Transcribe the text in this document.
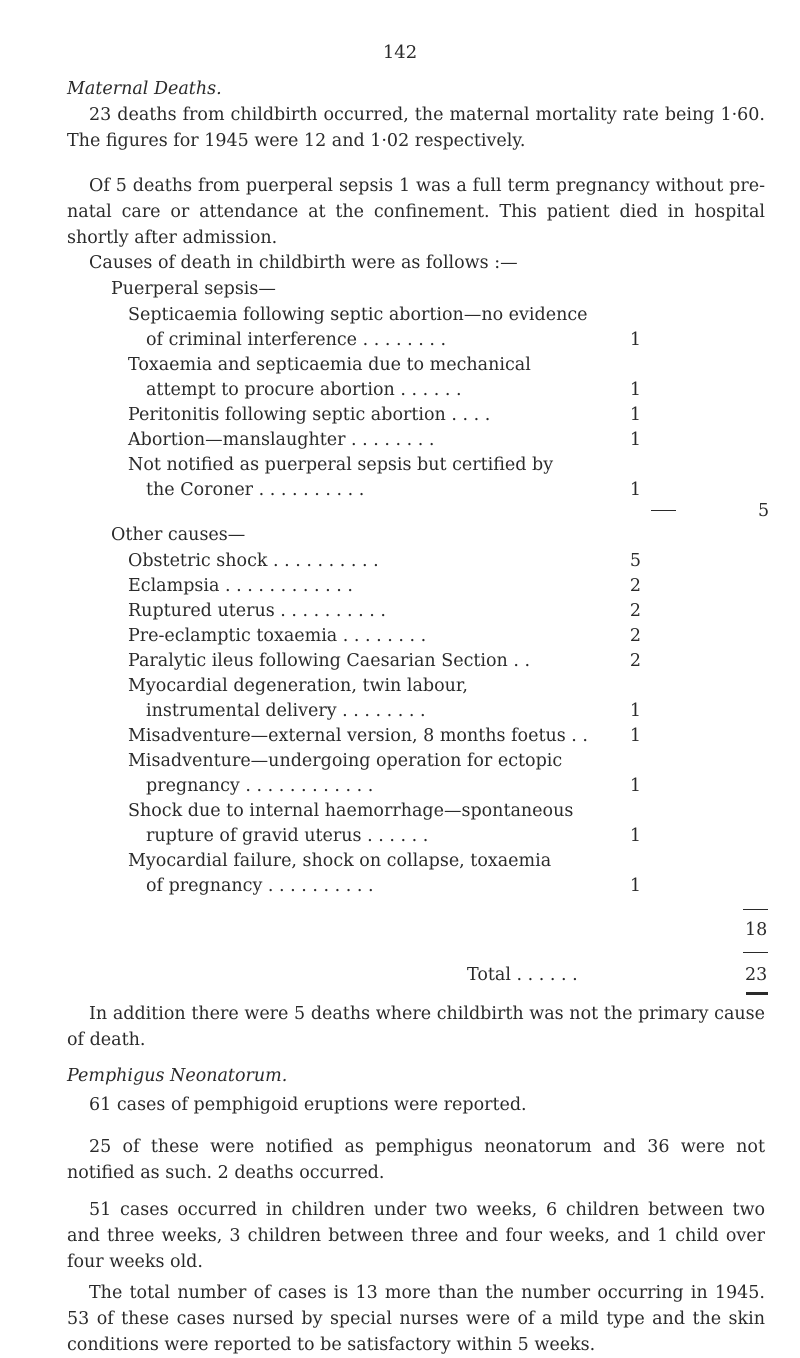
142
Maternal Deaths.
23 deaths from childbirth occurred, the maternal mortality rate being 1·60. The figures for 1945 were 12 and 1·02 respectively.
Of 5 deaths from puerperal sepsis 1 was a full term pregnancy without pre-natal care or attendance at the confinement. This patient died in hospital shortly after admission.
Causes of death in childbirth were as follows :—
Puerperal sepsis—
Septicaemia following septic abortion—no evidence
of criminal interference . . . . . . . .	1
Toxaemia and septicaemia due to mechanical
attempt to procure abortion . . . . . .	1
Peritonitis following septic abortion . . . .	1
Abortion—manslaughter . . . . . . . .	1
Not notified as puerperal sepsis but certified by
the Coroner . . . . . . . . . .	1
5
Other causes—
Obstetric shock . . . . . . . . . .	5
Eclampsia . . . . . . . . . . . .	2
Ruptured uterus . . . . . . . . . .	2
Pre-eclamptic toxaemia . . . . . . . .	2
Paralytic ileus following Caesarian Section . .	2
Myocardial degeneration, twin labour,
instrumental delivery . . . . . . . .	1
Misadventure—external version, 8 months foetus . .	1
Misadventure—undergoing operation for ectopic
pregnancy . . . . . . . . . . . .	1
Shock due to internal haemorrhage—spontaneous
rupture of gravid uterus . . . . . .	1
Myocardial failure, shock on collapse, toxaemia
of pregnancy . . . . . . . . . .	1
18
Total . . . . . .	23
In addition there were 5 deaths where childbirth was not the primary cause of death.
Pemphigus Neonatorum.
61 cases of pemphigoid eruptions were reported.
25 of these were notified as pemphigus neonatorum and 36 were not notified as such. 2 deaths occurred.
51 cases occurred in children under two weeks, 6 children between two and three weeks, 3 children between three and four weeks, and 1 child over four weeks old.
The total number of cases is 13 more than the number occurring in 1945. 53 of these cases nursed by special nurses were of a mild type and the skin conditions were reported to be satisfactory within 5 weeks.
